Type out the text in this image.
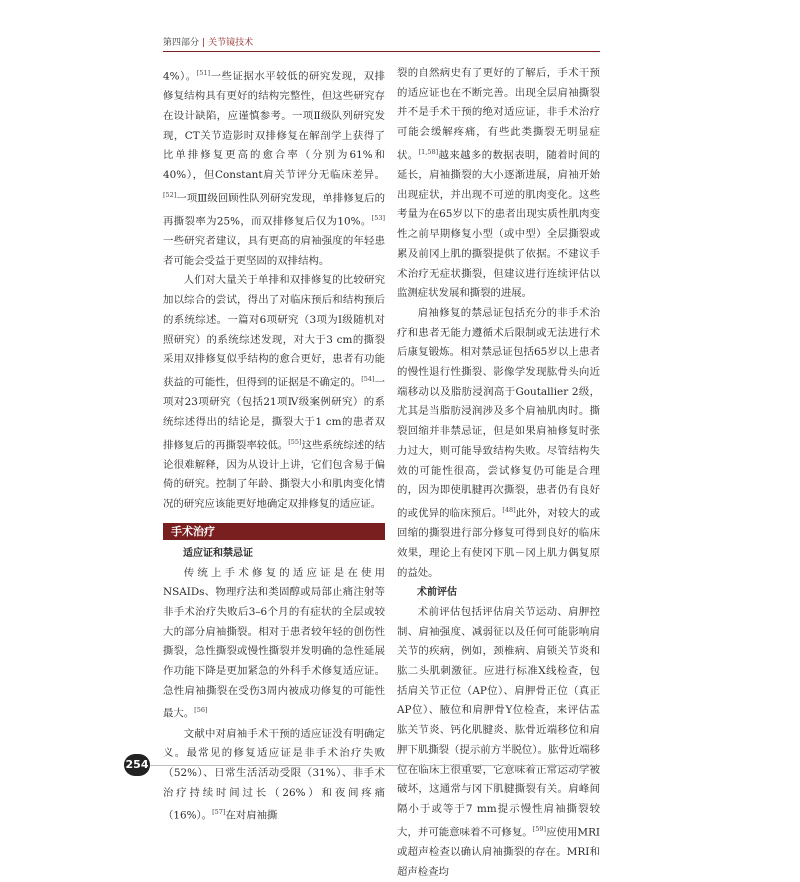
第四部分 | 关节镜技术

4%）。[51]一些证据水平较低的研究发现，双排修复结构具有更好的结构完整性，但这些研究存在设计缺陷，应谨慎参考。一项Ⅱ级队列研究发现，CT关节造影时双排修复在解剖学上获得了比单排修复更高的愈合率（分别为61%和40%），但Constant肩关节评分无临床差异。[52]一项Ⅲ级回顾性队列研究发现，单排修复后的再撕裂率为25%，而双排修复后仅为10%。[53]一些研究者建议，具有更高的肩袖强度的年轻患者可能会受益于更坚固的双排结构。

人们对大量关于单排和双排修复的比较研究加以综合的尝试，得出了对临床预后和结构预后的系统综述。一篇对6项研究（3项为Ⅰ级随机对照研究）的系统综述发现，对大于3 cm的撕裂采用双排修复似乎结构的愈合更好，患者有功能获益的可能性，但得到的证据是不确定的。[54]一项对23项研究（包括21项Ⅳ级案例研究）的系统综述得出的结论是，撕裂大于1 cm的患者双排修复后的再撕裂率较低。[55]这些系统综述的结论很难解释，因为从设计上讲，它们包含易于偏倚的研究。控制了年龄、撕裂大小和肌肉变化情况的研究应该能更好地确定双排修复的适应证。

手术治疗

适应证和禁忌证

传统上手术修复的适应证是在使用NSAIDs、物理疗法和类固醇或局部止痛注射等非手术治疗失败后3–6个月的有症状的全层或较大的部分肩袖撕裂。相对于患者较年轻的创伤性撕裂，急性撕裂或慢性撕裂并发明确的急性延展作功能下降是更加紧急的外科手术修复适应证。急性肩袖撕裂在受伤3周内被成功修复的可能性最大。[56]

文献中对肩袖手术干预的适应证没有明确定义。最常见的修复适应证是非手术治疗失败（52%）、日常生活活动受限（31%）、非手术治疗持续时间过长（26%）和夜间疼痛（16%）。[57]在对肩袖撕

裂的自然病史有了更好的了解后，手术干预的适应证也在不断完善。出现全层肩袖撕裂并不是手术干预的绝对适应证，非手术治疗可能会缓解疼痛，有些此类撕裂无明显症状。[1,58]越来越多的数据表明，随着时间的延长，肩袖撕裂的大小逐渐进展，肩袖开始出现症状，并出现不可逆的肌肉变化。这些考量为在65岁以下的患者出现实质性肌肉变性之前早期修复小型（或中型）全层撕裂或累及前冈上肌的撕裂提供了依据。不建议手术治疗无症状撕裂，但建议进行连续评估以监测症状发展和撕裂的进展。

肩袖修复的禁忌证包括充分的非手术治疗和患者无能力遵循术后限制或无法进行术后康复锻炼。相对禁忌证包括65岁以上患者的慢性退行性撕裂、影像学发现肱骨头向近端移动以及脂肪浸润高于Goutallier 2级，尤其是当脂肪浸润涉及多个肩袖肌肉时。撕裂回缩并非禁忌证，但是如果肩袖修复时张力过大，则可能导致结构失败。尽管结构失效的可能性很高，尝试修复仍可能是合理的，因为即使肌腱再次撕裂，患者仍有良好的或优异的临床预后。[48]此外，对较大的或回缩的撕裂进行部分修复可得到良好的临床效果，理论上有使冈下肌－冈上肌力偶复原的益处。

术前评估

术前评估包括评估肩关节运动、肩胛控制、肩袖强度、减弱征以及任何可能影响肩关节的疾病，例如，颈椎病、肩锁关节炎和肱二头肌刺激征。应进行标准X线检查，包括肩关节正位（AP位）、肩胛骨正位（真正AP位）、腋位和肩胛骨Y位检查，来评估盂肱关节炎、钙化肌腱炎、肱骨近端移位和肩胛下肌撕裂（提示前方半脱位）。肱骨近端移位在临床上很重要，它意味着正常运动学被破坏，这通常与冈下肌腱撕裂有关。肩峰间隔小于或等于7 mm提示慢性肩袖撕裂较大，并可能意味着不可修复。[59]应使用MRI或超声检查以确认肩袖撕裂的存在。MRI和超声检查均

254
